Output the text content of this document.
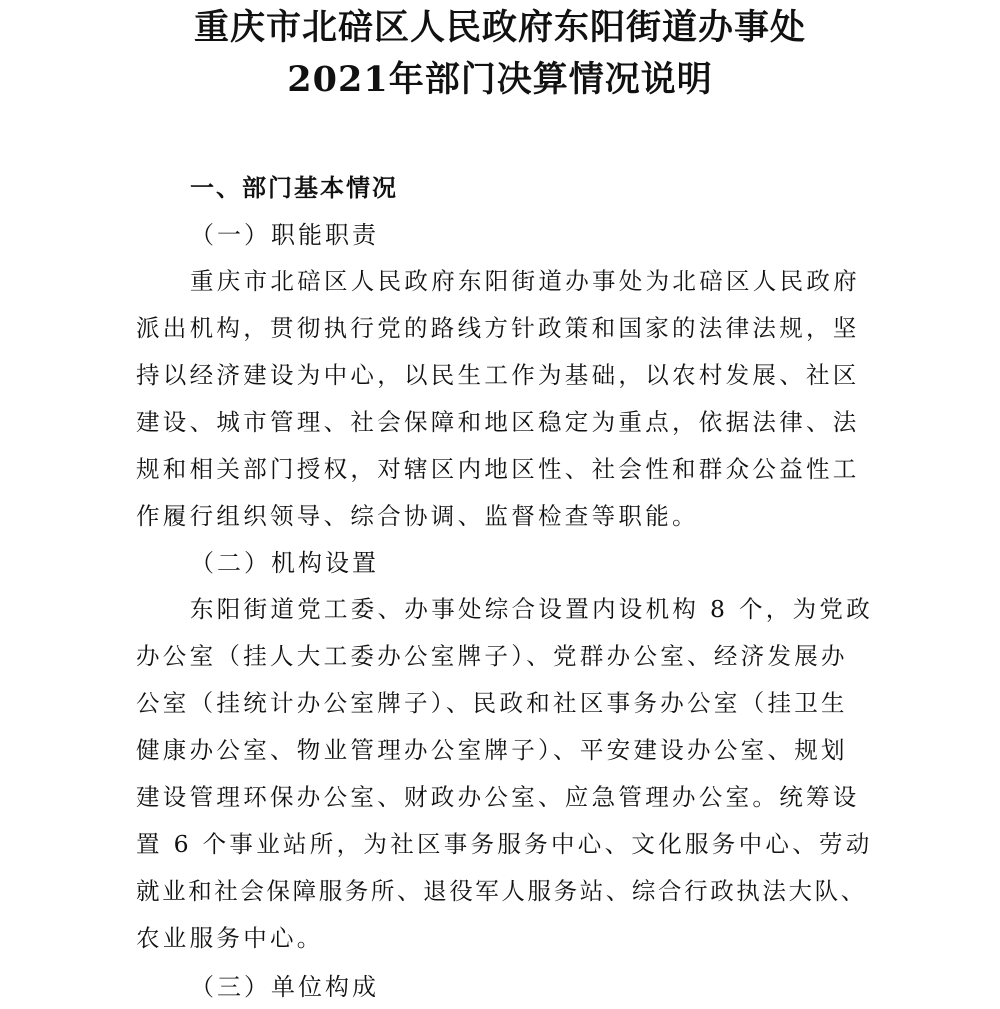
重庆市北碚区人民政府东阳街道办事处
2021年部门决算情况说明
一、部门基本情况
（一）职能职责
重庆市北碚区人民政府东阳街道办事处为北碚区人民政府
派出机构，贯彻执行党的路线方针政策和国家的法律法规，坚
持以经济建设为中心，以民生工作为基础，以农村发展、社区
建设、城市管理、社会保障和地区稳定为重点，依据法律、法
规和相关部门授权，对辖区内地区性、社会性和群众公益性工
作履行组织领导、综合协调、监督检查等职能。
（二）机构设置
东阳街道党工委、办事处综合设置内设机构 8 个，为党政
办公室（挂人大工委办公室牌子）、党群办公室、经济发展办
公室（挂统计办公室牌子）、民政和社区事务办公室（挂卫生
健康办公室、物业管理办公室牌子）、平安建设办公室、规划
建设管理环保办公室、财政办公室、应急管理办公室。统筹设
置 6 个事业站所，为社区事务服务中心、文化服务中心、劳动
就业和社会保障服务所、退役军人服务站、综合行政执法大队、
农业服务中心。
（三）单位构成
